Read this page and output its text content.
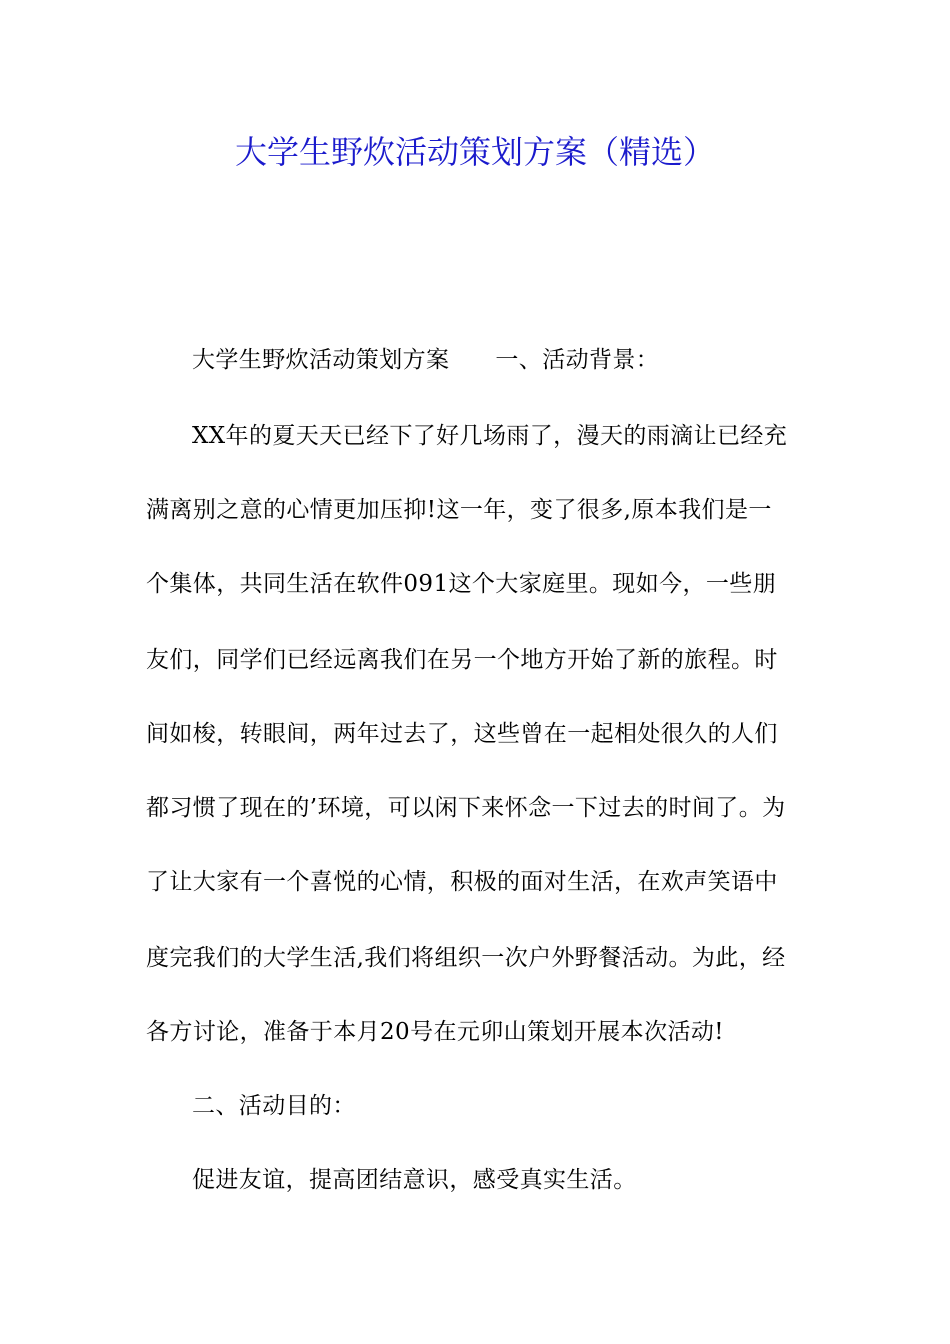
大学生野炊活动策划方案（精选）
大学生野炊活动策划方案 一、活动背景：
XX年的夏天天已经下了好几场雨了，漫天的雨滴让已经充
满离别之意的心情更加压抑!这一年，变了很多,原本我们是一
个集体，共同生活在软件091这个大家庭里。现如今，一些朋
友们，同学们已经远离我们在另一个地方开始了新的旅程。时
间如梭，转眼间，两年过去了，这些曾在一起相处很久的人们
都习惯了现在的’环境，可以闲下来怀念一下过去的时间了。为
了让大家有一个喜悦的心情，积极的面对生活，在欢声笑语中
度完我们的大学生活,我们将组织一次户外野餐活动。为此，经
各方讨论，准备于本月20号在元卯山策划开展本次活动!
二、活动目的：
促进友谊，提高团结意识，感受真实生活。
